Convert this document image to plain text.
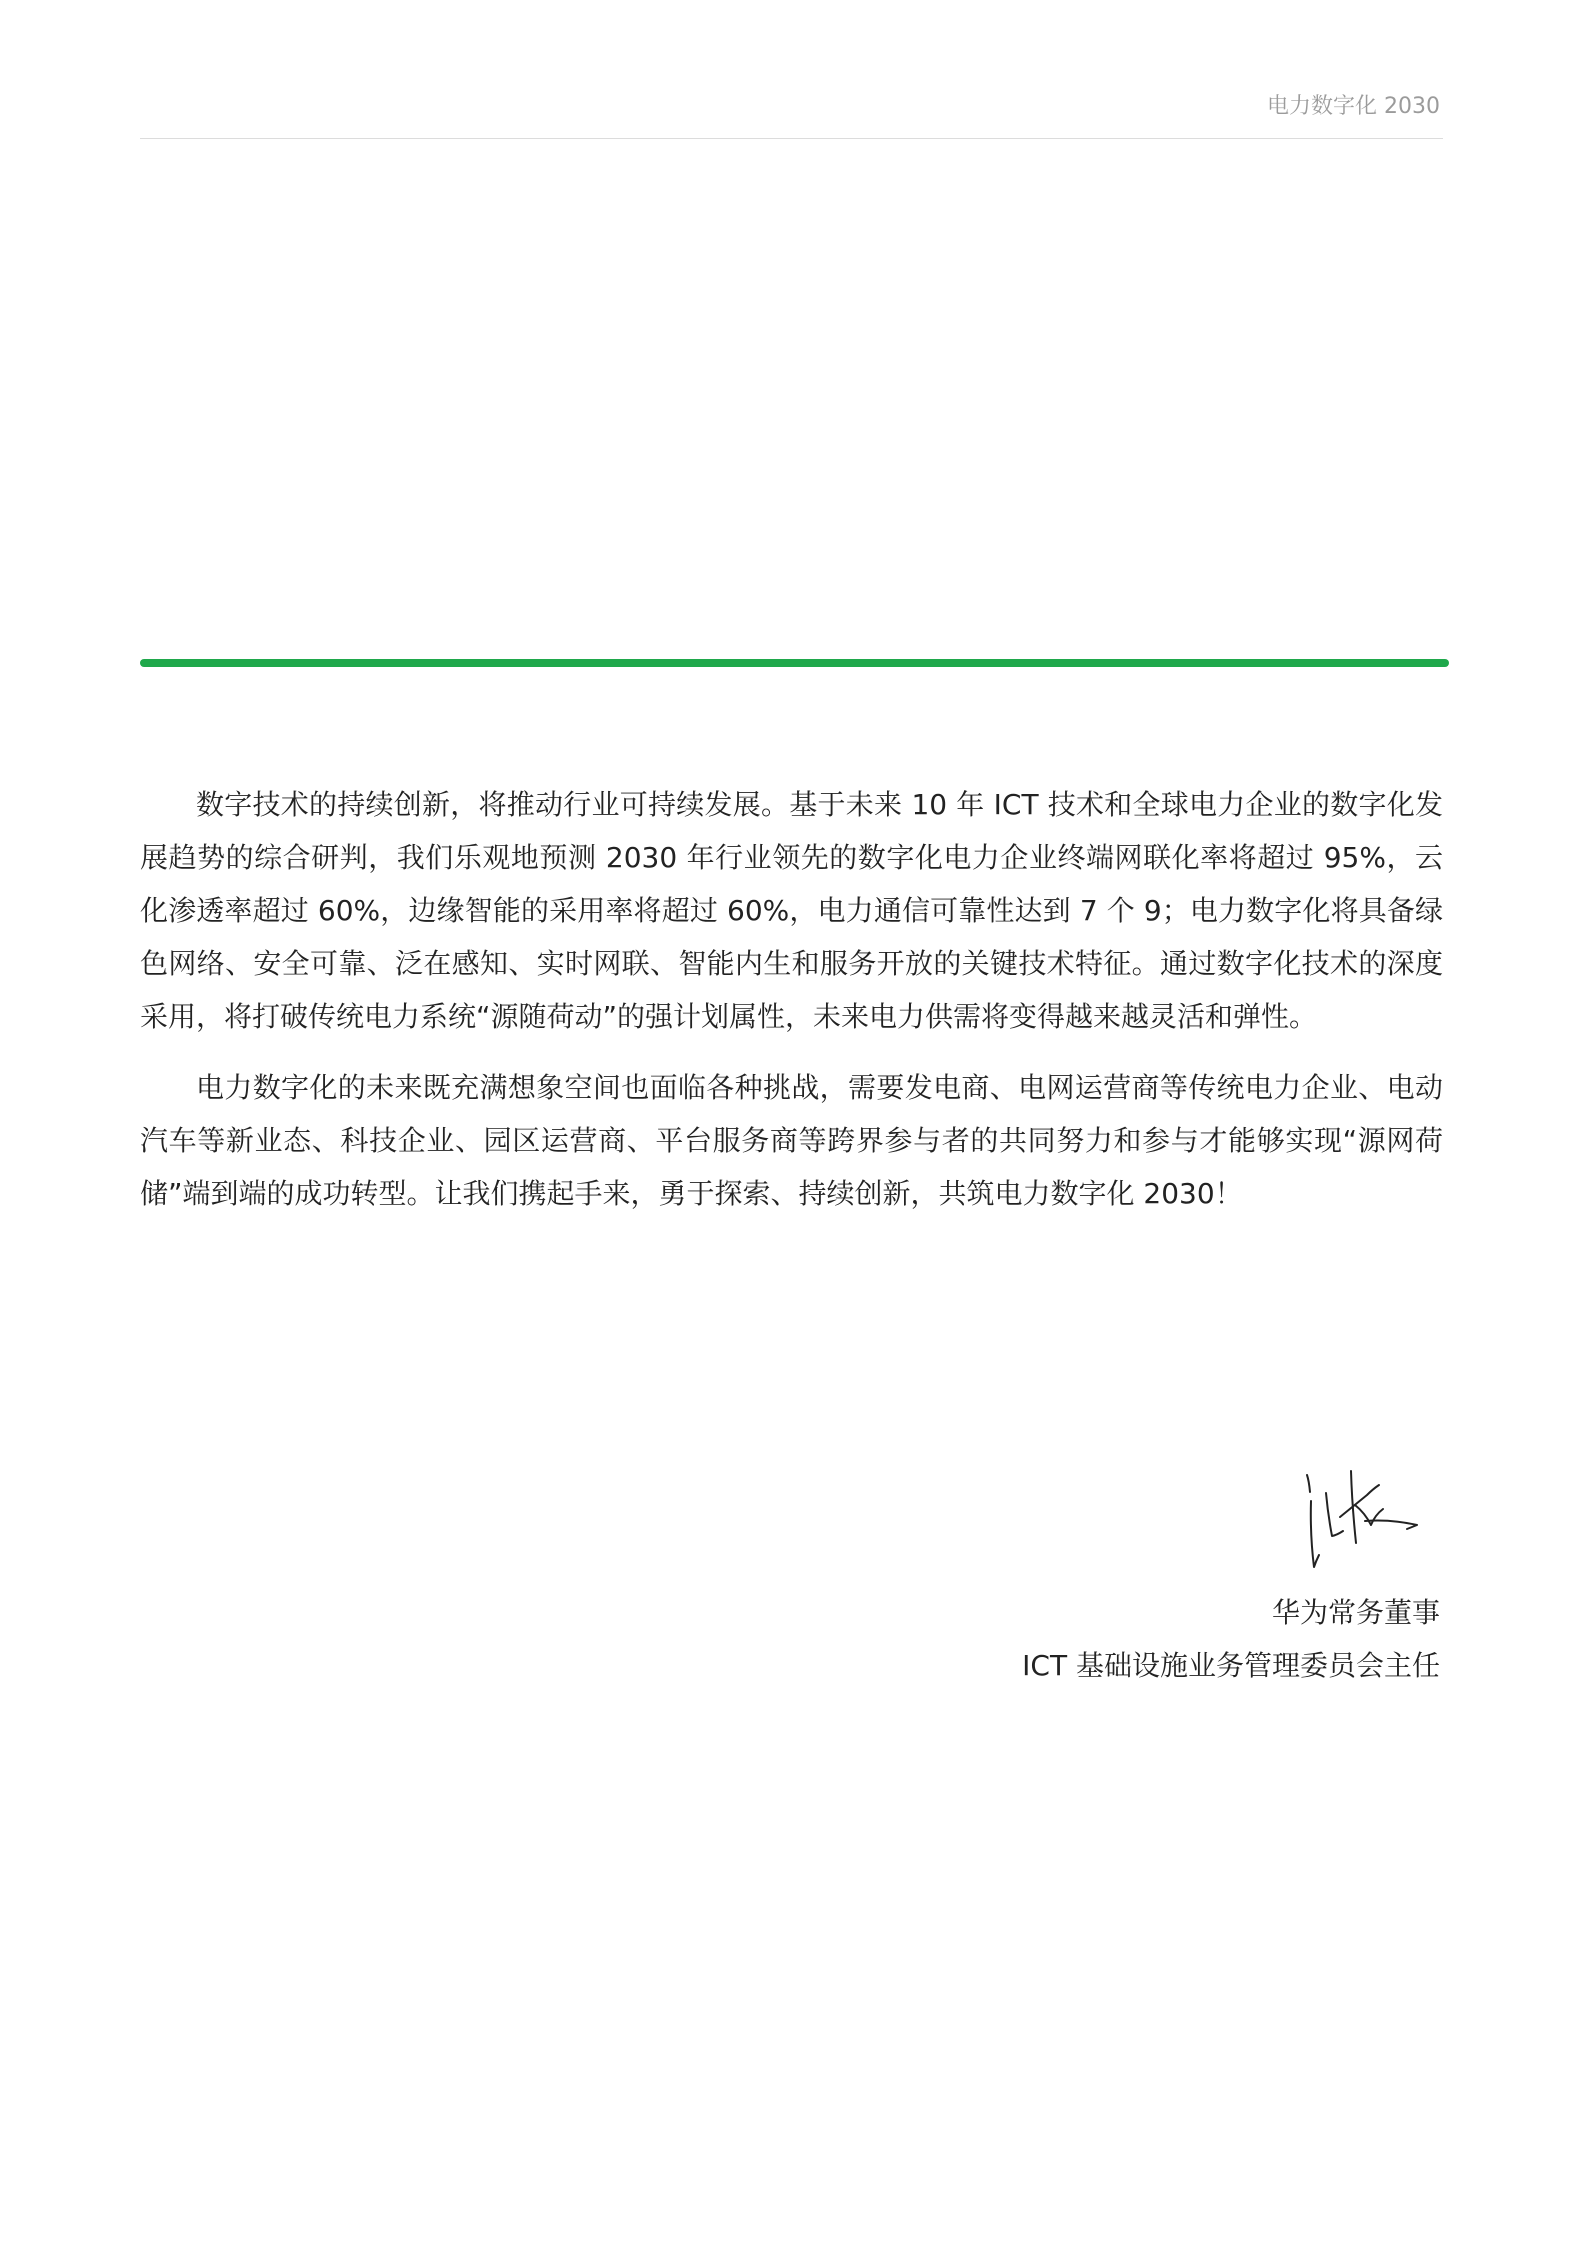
电力数字化 2030

数字技术的持续创新，将推动行业可持续发展。基于未来 10 年 ICT 技术和全球电力企业的数字化发展趋势的综合研判，我们乐观地预测 2030 年行业领先的数字化电力企业终端网联化率将超过 95%，云化渗透率超过 60%，边缘智能的采用率将超过 60%，电力通信可靠性达到 7 个 9；电力数字化将具备绿色网络、安全可靠、泛在感知、实时网联、智能内生和服务开放的关键技术特征。通过数字化技术的深度采用，将打破传统电力系统“源随荷动”的强计划属性，未来电力供需将变得越来越灵活和弹性。

电力数字化的未来既充满想象空间也面临各种挑战，需要发电商、电网运营商等传统电力企业、电动汽车等新业态、科技企业、园区运营商、平台服务商等跨界参与者的共同努力和参与才能够实现“源网荷储”端到端的成功转型。让我们携起手来，勇于探索、持续创新，共筑电力数字化 2030！

华为常务董事
ICT 基础设施业务管理委员会主任
